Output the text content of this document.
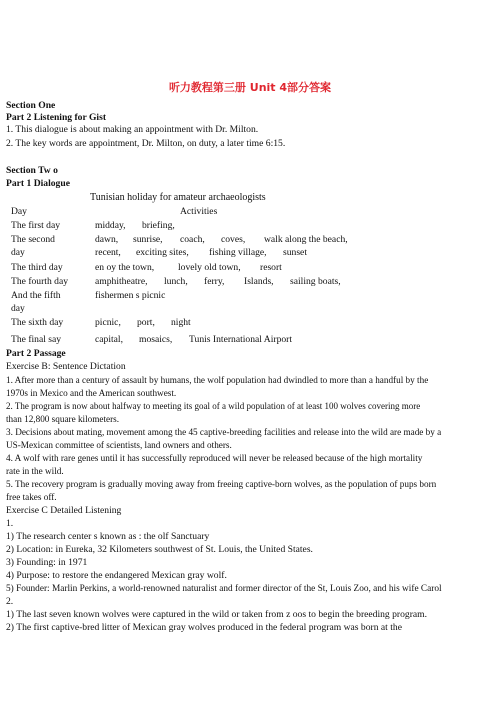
听力教程第三册 Unit 4部分答案
Section One
Part 2 Listening for Gist
1. This dialogue is about making an appointment with Dr. Milton.
2. The key words are appointment, Dr. Milton, on duty, a later time 6:15.
Section Tw o
Part 1 Dialogue
Tunisian holiday for amateur archaeologists
Day	Activities
The first day	midday, briefing,
The second	dawn, sunrise, coach, coves, walk along the beach,
day	recent, exciting sites, fishing village, sunset
The third day	en oy the town, lovely old town, resort
The fourth day	amphitheatre, lunch, ferry, Islands, sailing boats,
And the fifth	fishermen s picnic
day
The sixth day	picnic, port, night
The final say	capital, mosaics, Tunis International Airport
Part 2 Passage
Exercise B: Sentence Dictation
1. After more than a century of assault by humans, the wolf population had dwindled to more than a handful by the
1970s in Mexico and the American southwest.
2. The program is now about halfway to meeting its goal of a wild population of at least 100 wolves covering more
than 12,800 square kilometers.
3. Decisions about mating, movement among the 45 captive-breeding facilities and release into the wild are made by a
US-Mexican committee of scientists, land owners and others.
4. A wolf with rare genes until it has successfully reproduced will never be released because of the high mortality
rate in the wild.
5. The recovery program is gradually moving away from freeing captive-born wolves, as the population of pups born
free takes off.
Exercise C Detailed Listening
1.
1) The research center s known as : the olf Sanctuary
2) Location: in Eureka, 32 Kilometers southwest of St. Louis, the United States.
3) Founding: in 1971
4) Purpose: to restore the endangered Mexican gray wolf.
5) Founder: Marlin Perkins, a world-renowned naturalist and former director of the St, Louis Zoo, and his wife Carol
2.
1) The last seven known wolves were captured in the wild or taken from z oos to begin the breeding program.
2) The first captive-bred litter of Mexican gray wolves produced in the federal program was born at the
